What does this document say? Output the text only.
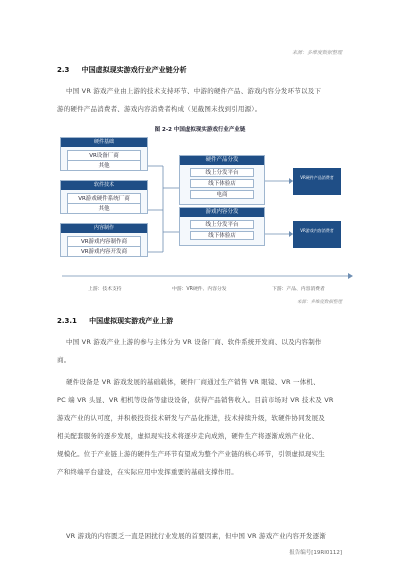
来源：多维度数据整理
2.3 中国虚拟现实游戏行业产业链分析
中国 VR 游戏产业由上游的技术支持环节、中游的硬件产品、游戏内容分发环节以及下
游的硬件产品消费者、游戏内容消费者构成（见截图未找到引用源）。
图 2-2 中国虚拟现实游戏行业产业链
硬件基础
VR设备厂商
其他
软件技术
VR游戏硬件系统厂商
其他
内容制作
VR游戏内容制作商
VR游戏内容开发商
硬件产品分发
线上分发平台
线下体验店
电商
游戏内容分发
线上分发平台
线下体验店
VR硬件产品消费者
VR游戏内容消费者
上游：技术支持	中游：VR硬件、内容分发	下游：产品、内容消费者
来源：多维度数据整理
2.3.1 中国虚拟现实游戏产业上游
中国 VR 游戏产业上游的参与主体分为 VR 设备厂商、软件系统开发商、以及内容制作
商。
硬件设备是 VR 游戏发展的基础载体，硬件厂商通过生产销售 VR 眼镜、VR 一体机、
PC 端 VR 头显、VR 相机等设备等建设设备，获得产品销售收入。目前市场对 VR 技术及 VR
游戏产业的认可度，并积极投资技术研发与产品化推进，技术持续升级，软硬件协同发展及
相关配套服务的逐步发展，虚拟现实技术将逐步走向成熟，硬件生产将逐渐成熟产业化、
规模化。位于产业链上游的硬件生产环节有望成为整个产业链的核心环节，引领虚拟现实生
产和终端平台建设，在实际应用中发挥重要的基础支撑作用。
VR 游戏的内容匮乏一直是困扰行业发展的首要因素，但中国 VR 游戏产业内容开发逐渐
报告编号[19RI0112]
